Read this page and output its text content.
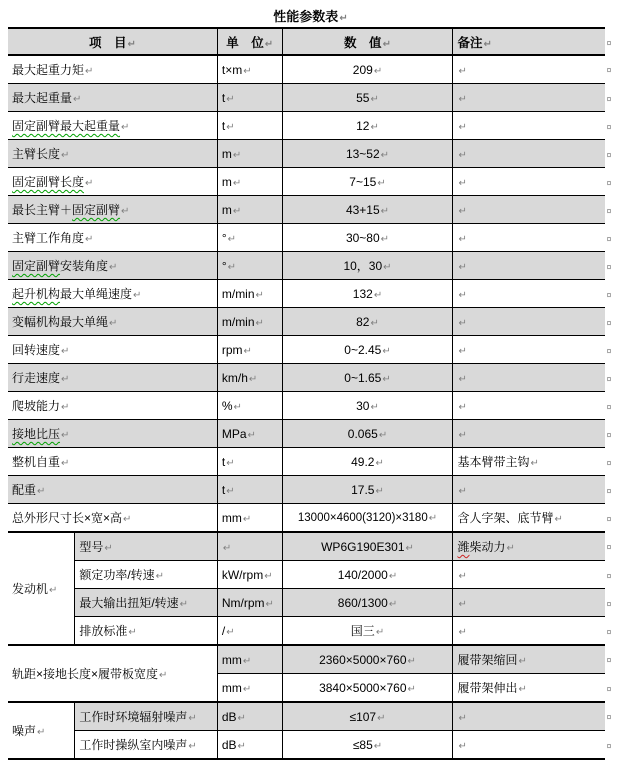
性能参数表↵
项　目↵		单　位↵	数　值↵	备注↵	¤
最大起重力矩↵		t×m↵	209↵	↵	¤
最大起重量↵		t↵	55↵	↵	¤
固定副臂最大起重量↵		t↵	12↵	↵	¤
主臂长度↵		m↵	13~52↵	↵	¤
固定副臂长度↵		m↵	7~15↵	↵	¤
最长主臂＋固定副臂↵		m↵	43+15↵	↵	¤
主臂工作角度↵		°↵	30~80↵	↵	¤
固定副臂安装角度↵		°↵	10，30↵	↵	¤
起升机构最大单绳速度↵		m/min↵	132↵	↵	¤
变幅机构最大单绳↵		m/min↵	82↵	↵	¤
回转速度↵		rpm↵	0~2.45↵	↵	¤
行走速度↵		km/h↵	0~1.65↵	↵	¤
爬坡能力↵		%↵	30↵	↵	¤
接地比压↵		MPa↵	0.065↵	↵	¤
整机自重↵		t↵	49.2↵	基本臂带主钩↵	¤
配重↵		t↵	17.5↵	↵	¤
总外形尺寸长×宽×高↵		mm↵	13000×4600(3120)×3180↵	含人字架、底节臂↵	¤
发动机↵	型号↵	↵	WP6G190E301↵	潍柴动力↵	¤
	额定功率/转速↵	kW/rpm↵	140/2000↵	↵	¤
	最大输出扭矩/转速↵	Nm/rpm↵	860/1300↵	↵	¤
	排放标准↵	/↵	国三↵	↵	¤
轨距×接地长度×履带板宽度↵		mm↵	2360×5000×760↵	履带架缩回↵	¤
		mm↵	3840×5000×760↵	履带架伸出↵	¤
噪声↵	工作时环境辐射噪声↵	dB↵	≤107↵	↵	¤
	工作时操纵室内噪声↵	dB↵	≤85↵	↵	¤
